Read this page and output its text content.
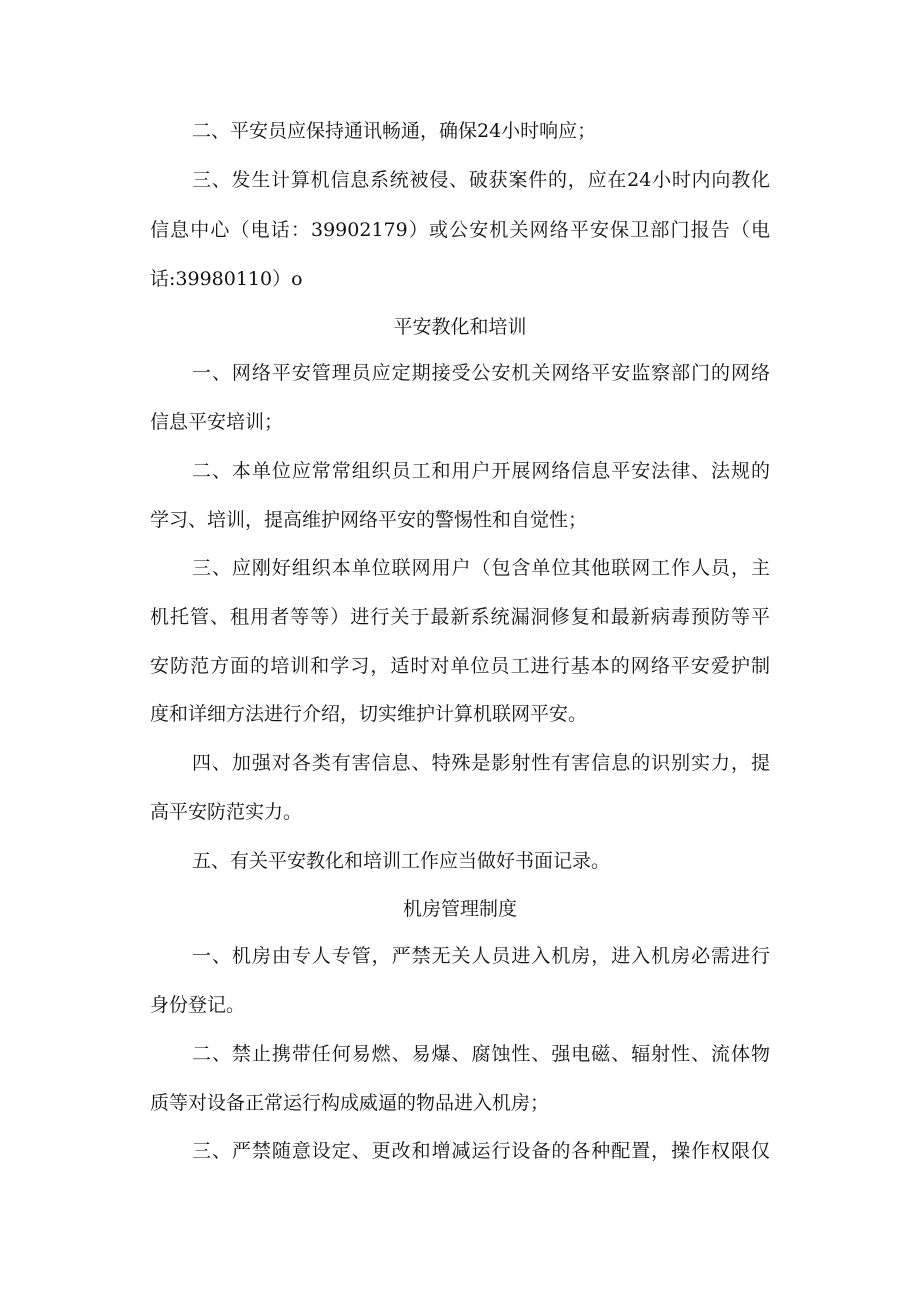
二、平安员应保持通讯畅通，确保24小时响应；
三、发生计算机信息系统被侵、破获案件的，应在24小时内向教化
信息中心（电话：39902179）或公安机关网络平安保卫部门报告（电
话:39980110）o
平安教化和培训
一、网络平安管理员应定期接受公安机关网络平安监察部门的网络
信息平安培训；
二、本单位应常常组织员工和用户开展网络信息平安法律、法规的
学习、培训，提高维护网络平安的警惕性和自觉性；
三、应刚好组织本单位联网用户（包含单位其他联网工作人员，主
机托管、租用者等等）进行关于最新系统漏洞修复和最新病毒预防等平
安防范方面的培训和学习，适时对单位员工进行基本的网络平安爱护制
度和详细方法进行介绍，切实维护计算机联网平安。
四、加强对各类有害信息、特殊是影射性有害信息的识别实力，提
高平安防范实力。
五、有关平安教化和培训工作应当做好书面记录。
机房管理制度
一、机房由专人专管，严禁无关人员进入机房，进入机房必需进行
身份登记。
二、禁止携带任何易燃、易爆、腐蚀性、强电磁、辐射性、流体物
质等对设备正常运行构成威逼的物品进入机房；
三、严禁随意设定、更改和增减运行设备的各种配置，操作权限仅
